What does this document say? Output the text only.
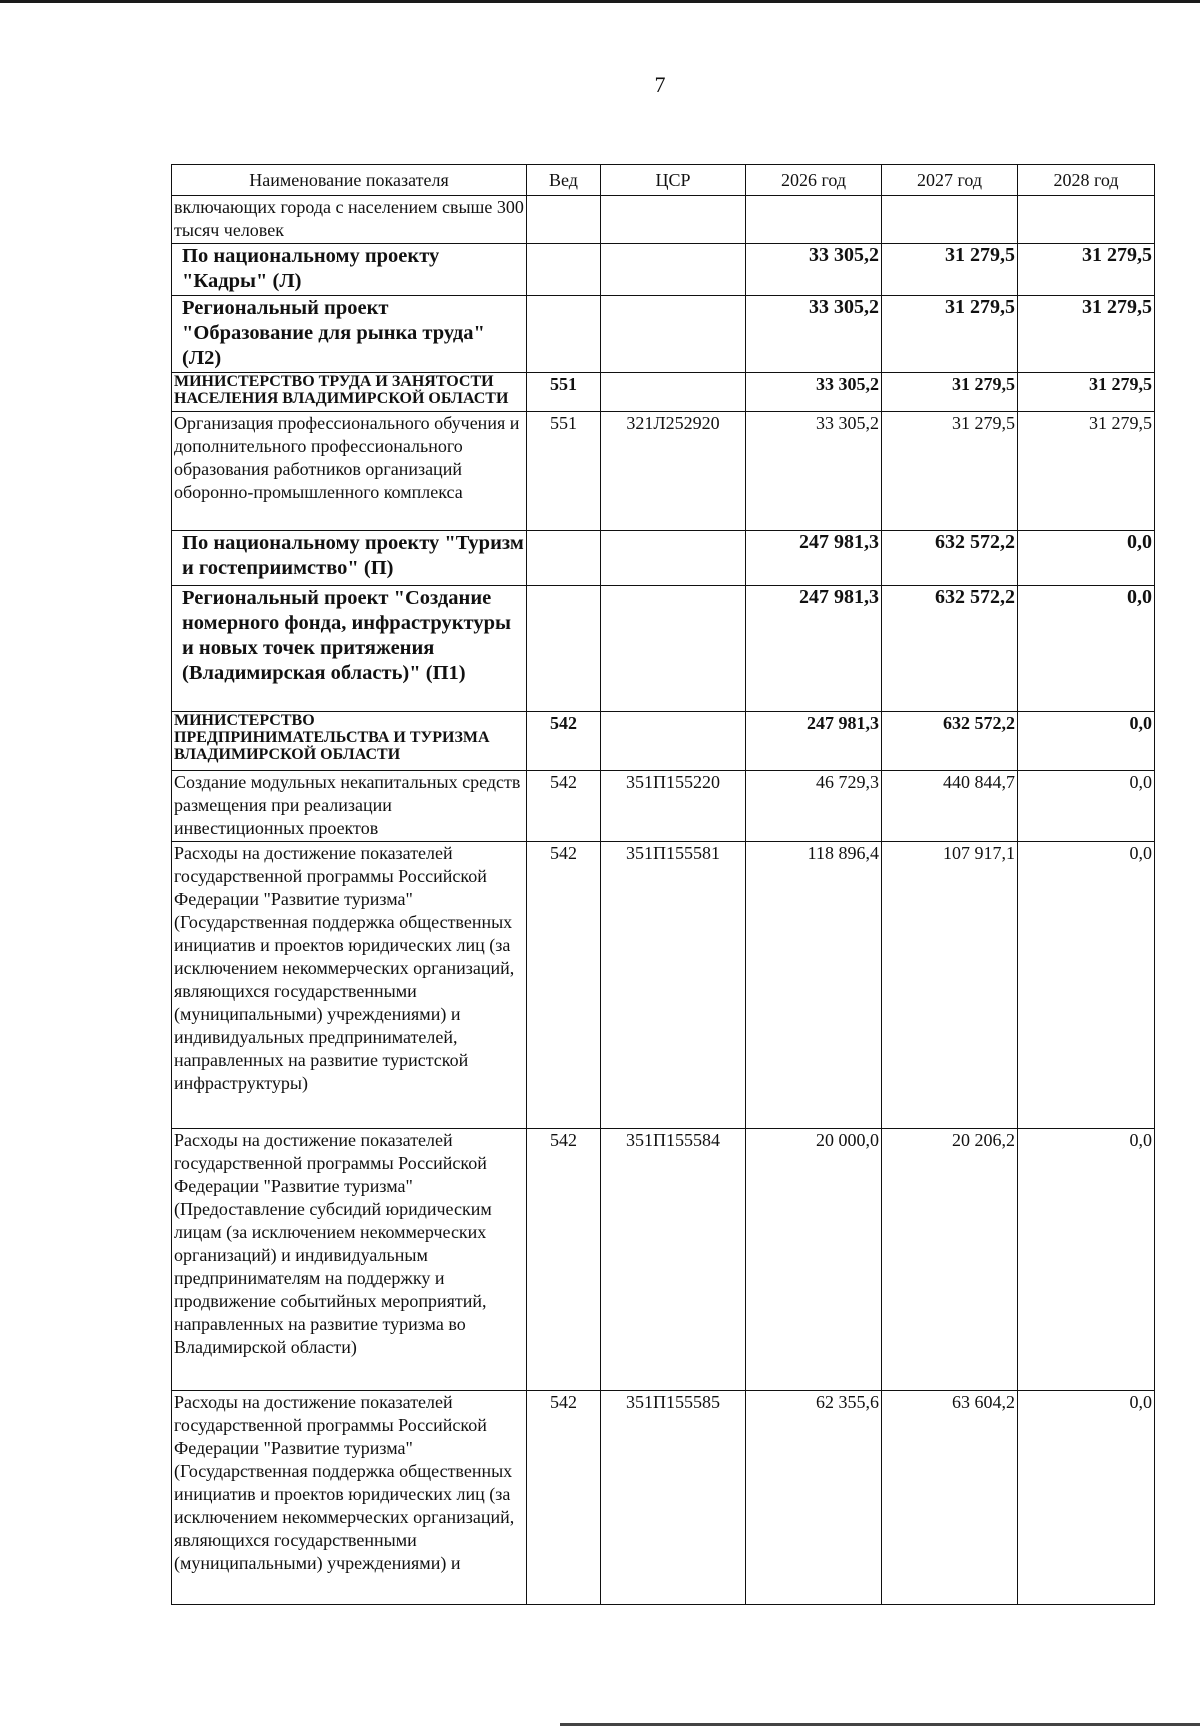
7
Наименование показателя	Вед	ЦСР	2026 год	2027 год	2028 год
включающих города с населением свыше 300 тысяч человек					
По национальному проекту "Кадры" (Л)			33 305,2	31 279,5	31 279,5
Региональный проект "Образование для рынка труда" (Л2)			33 305,2	31 279,5	31 279,5
МИНИСТЕРСТВО ТРУДА И ЗАНЯТОСТИ НАСЕЛЕНИЯ ВЛАДИМИРСКОЙ ОБЛАСТИ	551		33 305,2	31 279,5	31 279,5
Организация профессионального обучения и дополнительного профессионального образования работников организаций оборонно-промышленного комплекса	551	321Л252920	33 305,2	31 279,5	31 279,5
По национальному проекту "Туризм и гостеприимство" (П)			247 981,3	632 572,2	0,0
Региональный проект "Создание номерного фонда, инфраструктуры и новых точек притяжения (Владимирская область)" (П1)			247 981,3	632 572,2	0,0
МИНИСТЕРСТВО ПРЕДПРИНИМАТЕЛЬСТВА И ТУРИЗМА ВЛАДИМИРСКОЙ ОБЛАСТИ	542		247 981,3	632 572,2	0,0
Создание модульных некапитальных средств размещения при реализации инвестиционных проектов	542	351П155220	46 729,3	440 844,7	0,0
Расходы на достижение показателей государственной программы Российской Федерации "Развитие туризма" (Государственная поддержка общественных инициатив и проектов юридических лиц (за исключением некоммерческих организаций, являющихся государственными (муниципальными) учреждениями) и индивидуальных предпринимателей, направленных на развитие туристской инфраструктуры)	542	351П155581	118 896,4	107 917,1	0,0
Расходы на достижение показателей государственной программы Российской Федерации "Развитие туризма" (Предоставление субсидий юридическим лицам (за исключением некоммерческих организаций) и индивидуальным предпринимателям на поддержку и продвижение событийных мероприятий, направленных на развитие туризма во Владимирской области)	542	351П155584	20 000,0	20 206,2	0,0
Расходы на достижение показателей государственной программы Российской Федерации "Развитие туризма" (Государственная поддержка общественных инициатив и проектов юридических лиц (за исключением некоммерческих организаций, являющихся государственными (муниципальными) учреждениями) и	542	351П155585	62 355,6	63 604,2	0,0
